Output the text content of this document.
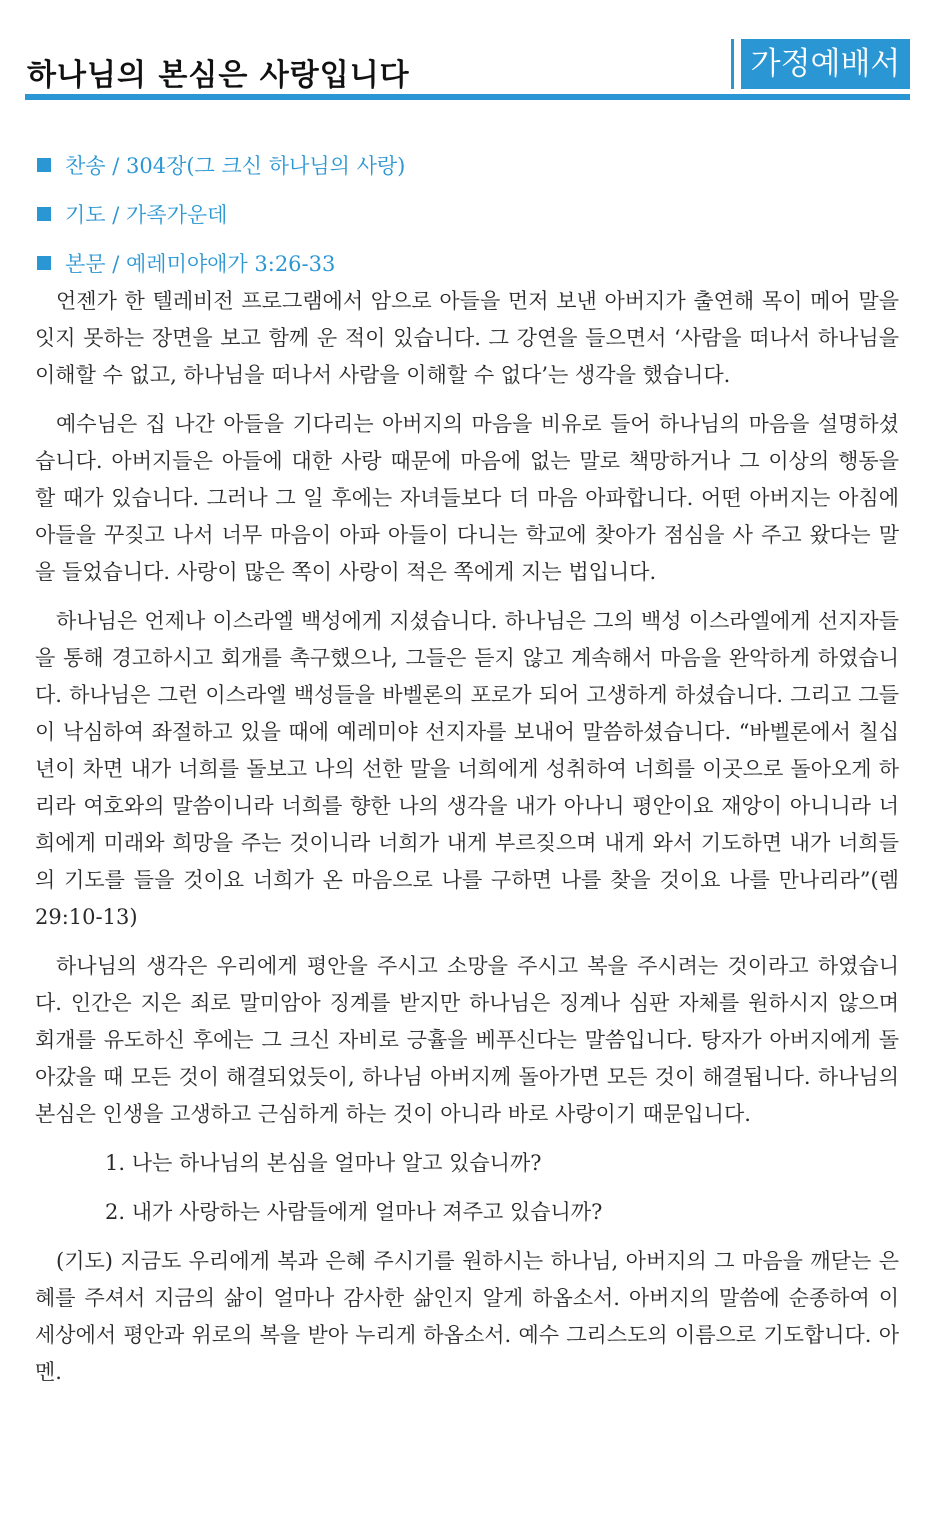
하나님의 본심은 사랑입니다	가정예배서
찬송 / 304장(그 크신 하나님의 사랑)
기도 / 가족가운데
본문 / 예레미야애가 3:26-33

언젠가 한 텔레비전 프로그램에서 암으로 아들을 먼저 보낸 아버지가 출연해 목이 메어 말을 잇지 못하는 장면을 보고 함께 운 적이 있습니다. 그 강연을 들으면서 ‘사람을 떠나서 하나님을 이해할 수 없고, 하나님을 떠나서 사람을 이해할 수 없다’는 생각을 했습니다.

예수님은 집 나간 아들을 기다리는 아버지의 마음을 비유로 들어 하나님의 마음을 설명하셨습니다. 아버지들은 아들에 대한 사랑 때문에 마음에 없는 말로 책망하거나 그 이상의 행동을 할 때가 있습니다. 그러나 그 일 후에는 자녀들보다 더 마음 아파합니다. 어떤 아버지는 아침에 아들을 꾸짖고 나서 너무 마음이 아파 아들이 다니는 학교에 찾아가 점심을 사 주고 왔다는 말을 들었습니다. 사랑이 많은 쪽이 사랑이 적은 쪽에게 지는 법입니다.

하나님은 언제나 이스라엘 백성에게 지셨습니다. 하나님은 그의 백성 이스라엘에게 선지자들을 통해 경고하시고 회개를 촉구했으나, 그들은 듣지 않고 계속해서 마음을 완악하게 하였습니다. 하나님은 그런 이스라엘 백성들을 바벨론의 포로가 되어 고생하게 하셨습니다. 그리고 그들이 낙심하여 좌절하고 있을 때에 예레미야 선지자를 보내어 말씀하셨습니다. “바벨론에서 칠십 년이 차면 내가 너희를 돌보고 나의 선한 말을 너희에게 성취하여 너희를 이곳으로 돌아오게 하리라 여호와의 말씀이니라 너희를 향한 나의 생각을 내가 아나니 평안이요 재앙이 아니니라 너희에게 미래와 희망을 주는 것이니라 너희가 내게 부르짖으며 내게 와서 기도하면 내가 너희들의 기도를 들을 것이요 너희가 온 마음으로 나를 구하면 나를 찾을 것이요 나를 만나리라”(렘 29:10-13)

하나님의 생각은 우리에게 평안을 주시고 소망을 주시고 복을 주시려는 것이라고 하였습니다. 인간은 지은 죄로 말미암아 징계를 받지만 하나님은 징계나 심판 자체를 원하시지 않으며 회개를 유도하신 후에는 그 크신 자비로 긍휼을 베푸신다는 말씀입니다. 탕자가 아버지에게 돌아갔을 때 모든 것이 해결되었듯이, 하나님 아버지께 돌아가면 모든 것이 해결됩니다. 하나님의 본심은 인생을 고생하고 근심하게 하는 것이 아니라 바로 사랑이기 때문입니다.

1. 나는 하나님의 본심을 얼마나 알고 있습니까?
2. 내가 사랑하는 사람들에게 얼마나 져주고 있습니까?

(기도) 지금도 우리에게 복과 은혜 주시기를 원하시는 하나님, 아버지의 그 마음을 깨닫는 은혜를 주셔서 지금의 삶이 얼마나 감사한 삶인지 알게 하옵소서. 아버지의 말씀에 순종하여 이 세상에서 평안과 위로의 복을 받아 누리게 하옵소서. 예수 그리스도의 이름으로 기도합니다. 아멘.
